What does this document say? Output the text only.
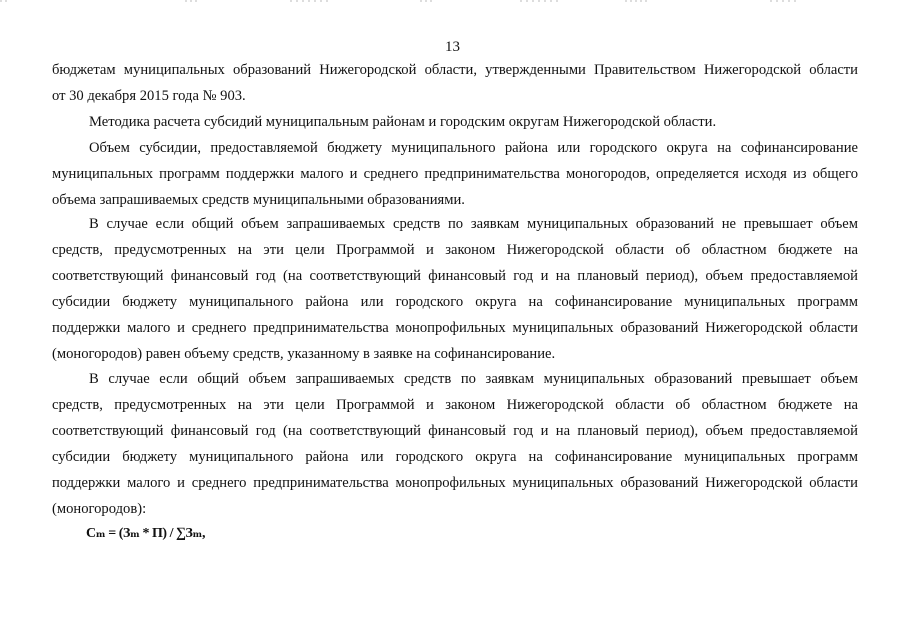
13
бюджетам муниципальных образований Нижегородской области, утвержденными Правительством Нижегородской области
от 30 декабря 2015 года № 903.
Методика расчета субсидий муниципальным районам и городским округам Нижегородской области.
Объем субсидии, предоставляемой бюджету муниципального района или городского округа на софинансирование
муниципальных программ поддержки малого и среднего предпринимательства моногородов, определяется исходя из общего
объема запрашиваемых средств муниципальными образованиями.
В случае если общий объем запрашиваемых средств по заявкам муниципальных образований не превышает объем
средств, предусмотренных на эти цели Программой и законом Нижегородской области об областном бюджете на
соответствующий финансовый год (на соответствующий финансовый год и на плановый период), объем предоставляемой
субсидии бюджету муниципального района или городского округа на софинансирование муниципальных программ
поддержки малого и среднего предпринимательства монопрофильных муниципальных образований Нижегородской области
(моногородов) равен объему средств, указанному в заявке на софинансирование.
В случае если общий объем запрашиваемых средств по заявкам муниципальных образований превышает объем
средств, предусмотренных на эти цели Программой и законом Нижегородской области об областном бюджете на
соответствующий финансовый год (на соответствующий финансовый год и на плановый период), объем предоставляемой
субсидии бюджету муниципального района или городского округа на софинансирование муниципальных программ
поддержки малого и среднего предпринимательства монопрофильных муниципальных образований Нижегородской области
(моногородов):
Сₘ = (Зₘ * П) / ∑Зₘ,
